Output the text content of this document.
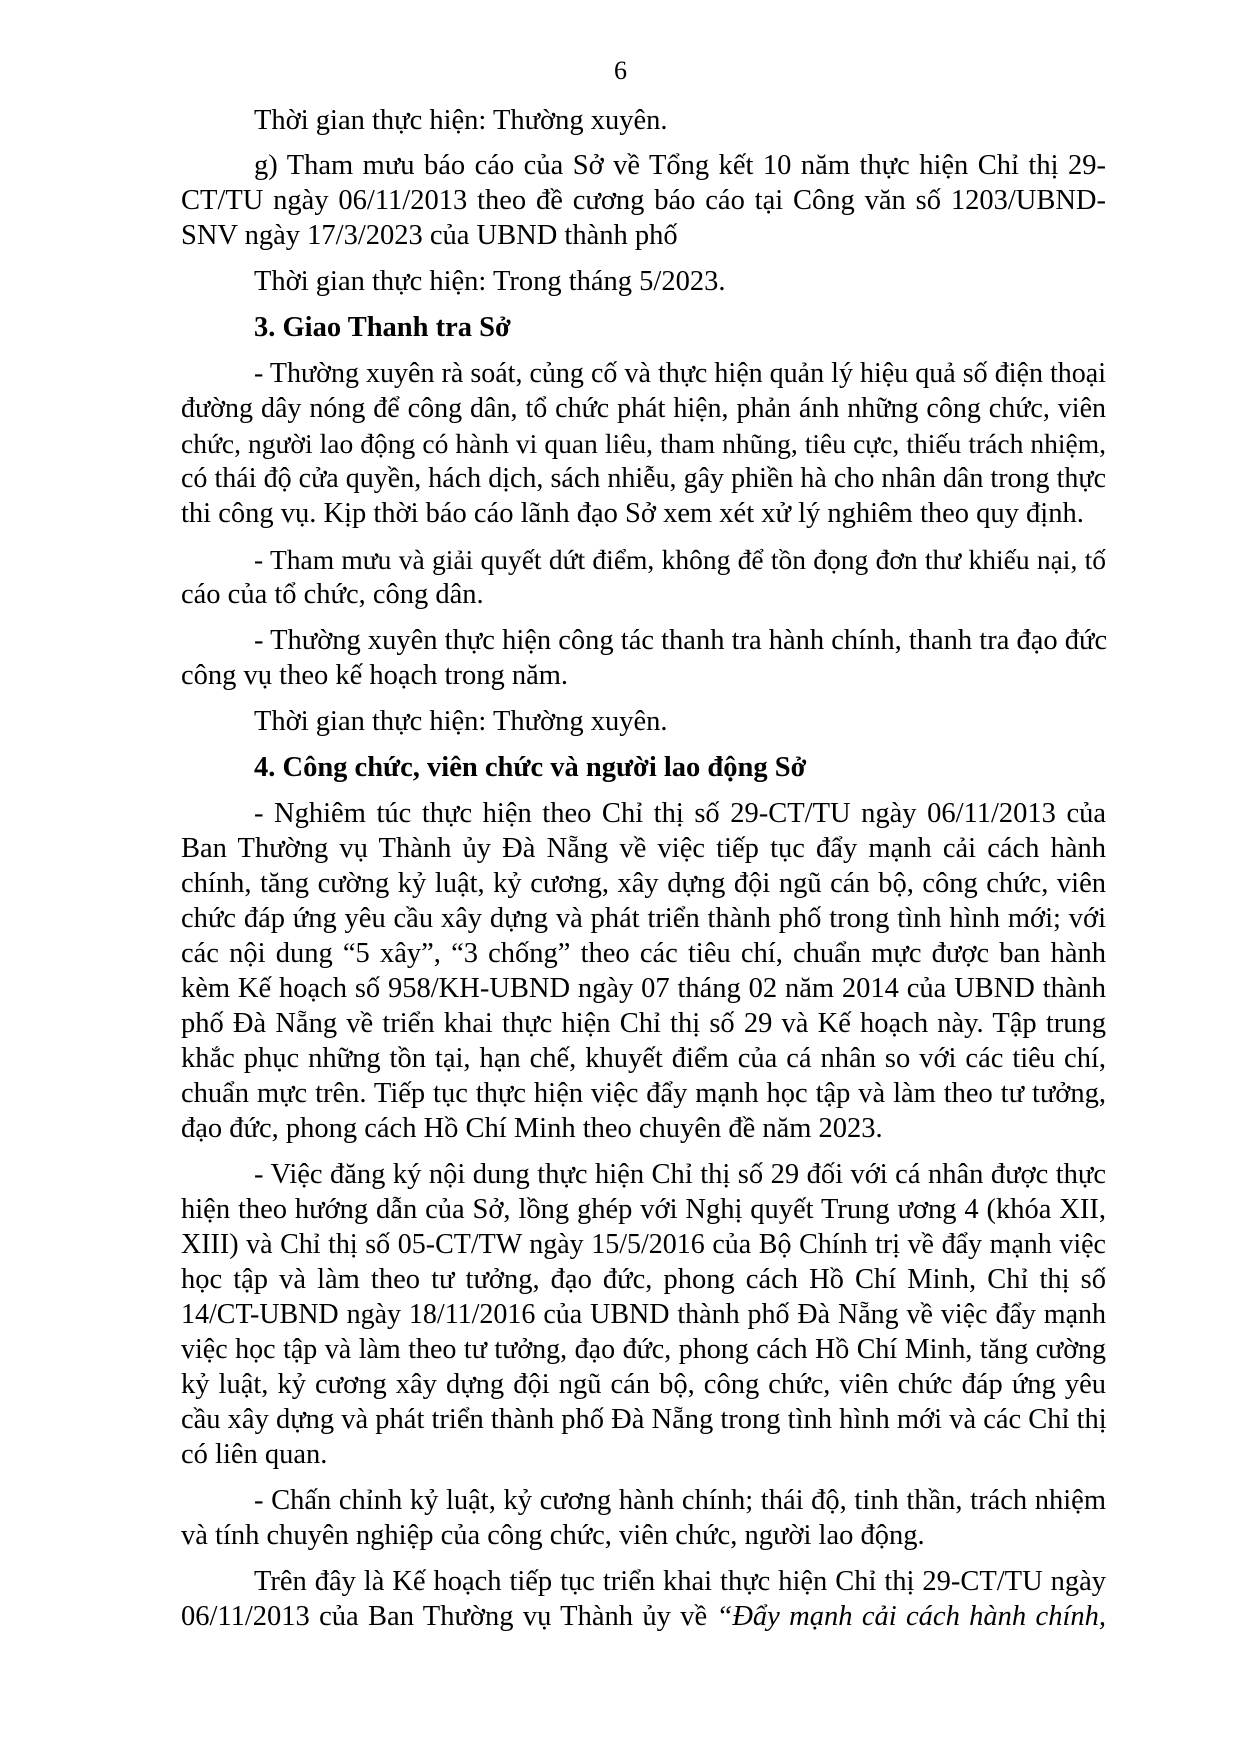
6
Thời gian thực hiện: Thường xuyên.
g) Tham mưu báo cáo của Sở về Tổng kết 10 năm thực hiện Chỉ thị 29-
CT/TU ngày 06/11/2013 theo đề cương báo cáo tại Công văn số 1203/UBND-
SNV ngày 17/3/2023 của UBND thành phố
Thời gian thực hiện: Trong tháng 5/2023.
3. Giao Thanh tra Sở
- Thường xuyên rà soát, củng cố và thực hiện quản lý hiệu quả số điện thoại
đường dây nóng để công dân, tổ chức phát hiện, phản ánh những công chức, viên
chức, người lao động có hành vi quan liêu, tham nhũng, tiêu cực, thiếu trách nhiệm,
có thái độ cửa quyền, hách dịch, sách nhiễu, gây phiền hà cho nhân dân trong thực
thi công vụ. Kịp thời báo cáo lãnh đạo Sở xem xét xử lý nghiêm theo quy định.
- Tham mưu và giải quyết dứt điểm, không để tồn đọng đơn thư khiếu nại, tố
cáo của tổ chức, công dân.
- Thường xuyên thực hiện công tác thanh tra hành chính, thanh tra đạo đức
công vụ theo kế hoạch trong năm.
Thời gian thực hiện: Thường xuyên.
4. Công chức, viên chức và người lao động Sở
- Nghiêm túc thực hiện theo Chỉ thị số 29-CT/TU ngày 06/11/2013 của
Ban Thường vụ Thành ủy Đà Nẵng về việc tiếp tục đẩy mạnh cải cách hành
chính, tăng cường kỷ luật, kỷ cương, xây dựng đội ngũ cán bộ, công chức, viên
chức đáp ứng yêu cầu xây dựng và phát triển thành phố trong tình hình mới; với
các nội dung “5 xây”, “3 chống” theo các tiêu chí, chuẩn mực được ban hành
kèm Kế hoạch số 958/KH-UBND ngày 07 tháng 02 năm 2014 của UBND thành
phố Đà Nẵng về triển khai thực hiện Chỉ thị số 29 và Kế hoạch này. Tập trung
khắc phục những tồn tại, hạn chế, khuyết điểm của cá nhân so với các tiêu chí,
chuẩn mực trên. Tiếp tục thực hiện việc đẩy mạnh học tập và làm theo tư tưởng,
đạo đức, phong cách Hồ Chí Minh theo chuyên đề năm 2023.
- Việc đăng ký nội dung thực hiện Chỉ thị số 29 đối với cá nhân được thực
hiện theo hướng dẫn của Sở, lồng ghép với Nghị quyết Trung ương 4 (khóa XII,
XIII) và Chỉ thị số 05-CT/TW ngày 15/5/2016 của Bộ Chính trị về đẩy mạnh việc
học tập và làm theo tư tưởng, đạo đức, phong cách Hồ Chí Minh, Chỉ thị số
14/CT-UBND ngày 18/11/2016 của UBND thành phố Đà Nẵng về việc đẩy mạnh
việc học tập và làm theo tư tưởng, đạo đức, phong cách Hồ Chí Minh, tăng cường
kỷ luật, kỷ cương xây dựng đội ngũ cán bộ, công chức, viên chức đáp ứng yêu
cầu xây dựng và phát triển thành phố Đà Nẵng trong tình hình mới và các Chỉ thị
có liên quan.
- Chấn chỉnh kỷ luật, kỷ cương hành chính; thái độ, tinh thần, trách nhiệm
và tính chuyên nghiệp của công chức, viên chức, người lao động.
Trên đây là Kế hoạch tiếp tục triển khai thực hiện Chỉ thị 29-CT/TU ngày
06/11/2013 của Ban Thường vụ Thành ủy về “Đẩy mạnh cải cách hành chính,
